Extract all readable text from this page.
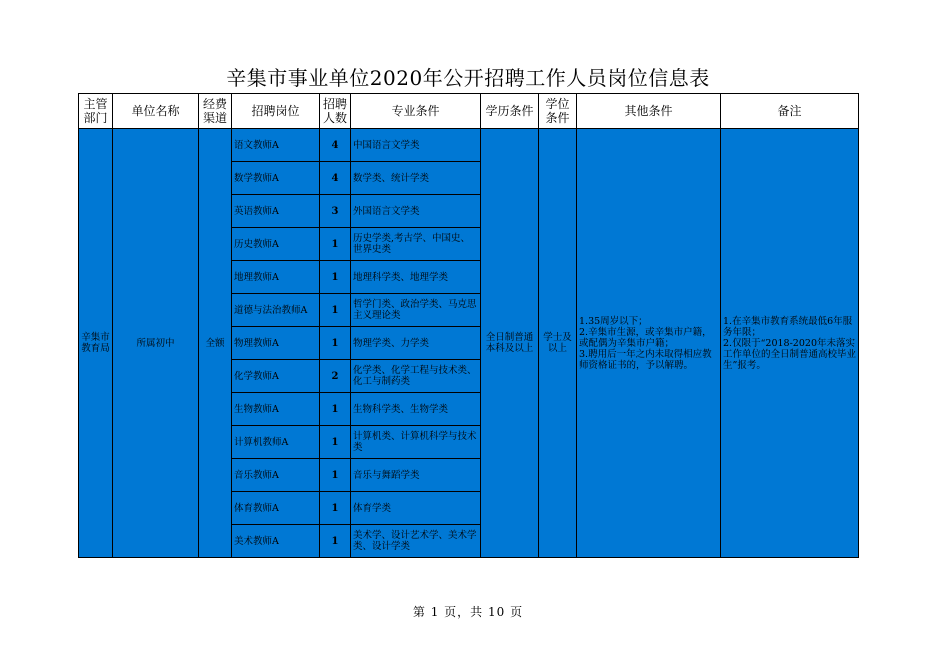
辛集市事业单位2020年公开招聘工作人员岗位信息表
主管部门	单位名称	经费渠道	招聘岗位	招聘人数	专业条件	学历条件	学位条件	其他条件	备注
辛集市教育局	所属初中	全额	语文教师A	4	中国语言文学类	全日制普通本科及以上	学士及以上	1.35周岁以下；
2.辛集市生源，或辛集市户籍，或配偶为辛集市户籍；
3.聘用后一年之内未取得相应教师资格证书的，予以解聘。	1.在辛集市教育系统最低6年服务年限；
2.仅限于“2018-2020年未落实工作单位的全日制普通高校毕业生”报考。
			数学教师A	4	数学类、统计学类				
			英语教师A	3	外国语言文学类				
			历史教师A	1	历史学类,考古学、中国史、世界史类				
			地理教师A	1	地理科学类、地理学类				
			道德与法治教师A	1	哲学门类、政治学类、马克思主义理论类				
			物理教师A	1	物理学类、力学类				
			化学教师A	2	化学类、化学工程与技术类、化工与制药类				
			生物教师A	1	生物科学类、生物学类				
			计算机教师A	1	计算机类、计算机科学与技术类				
			音乐教师A	1	音乐与舞蹈学类				
			体育教师A	1	体育学类				
			美术教师A	1	美术学、设计艺术学、美术学类、设计学类				
第 1 页，共 10 页
